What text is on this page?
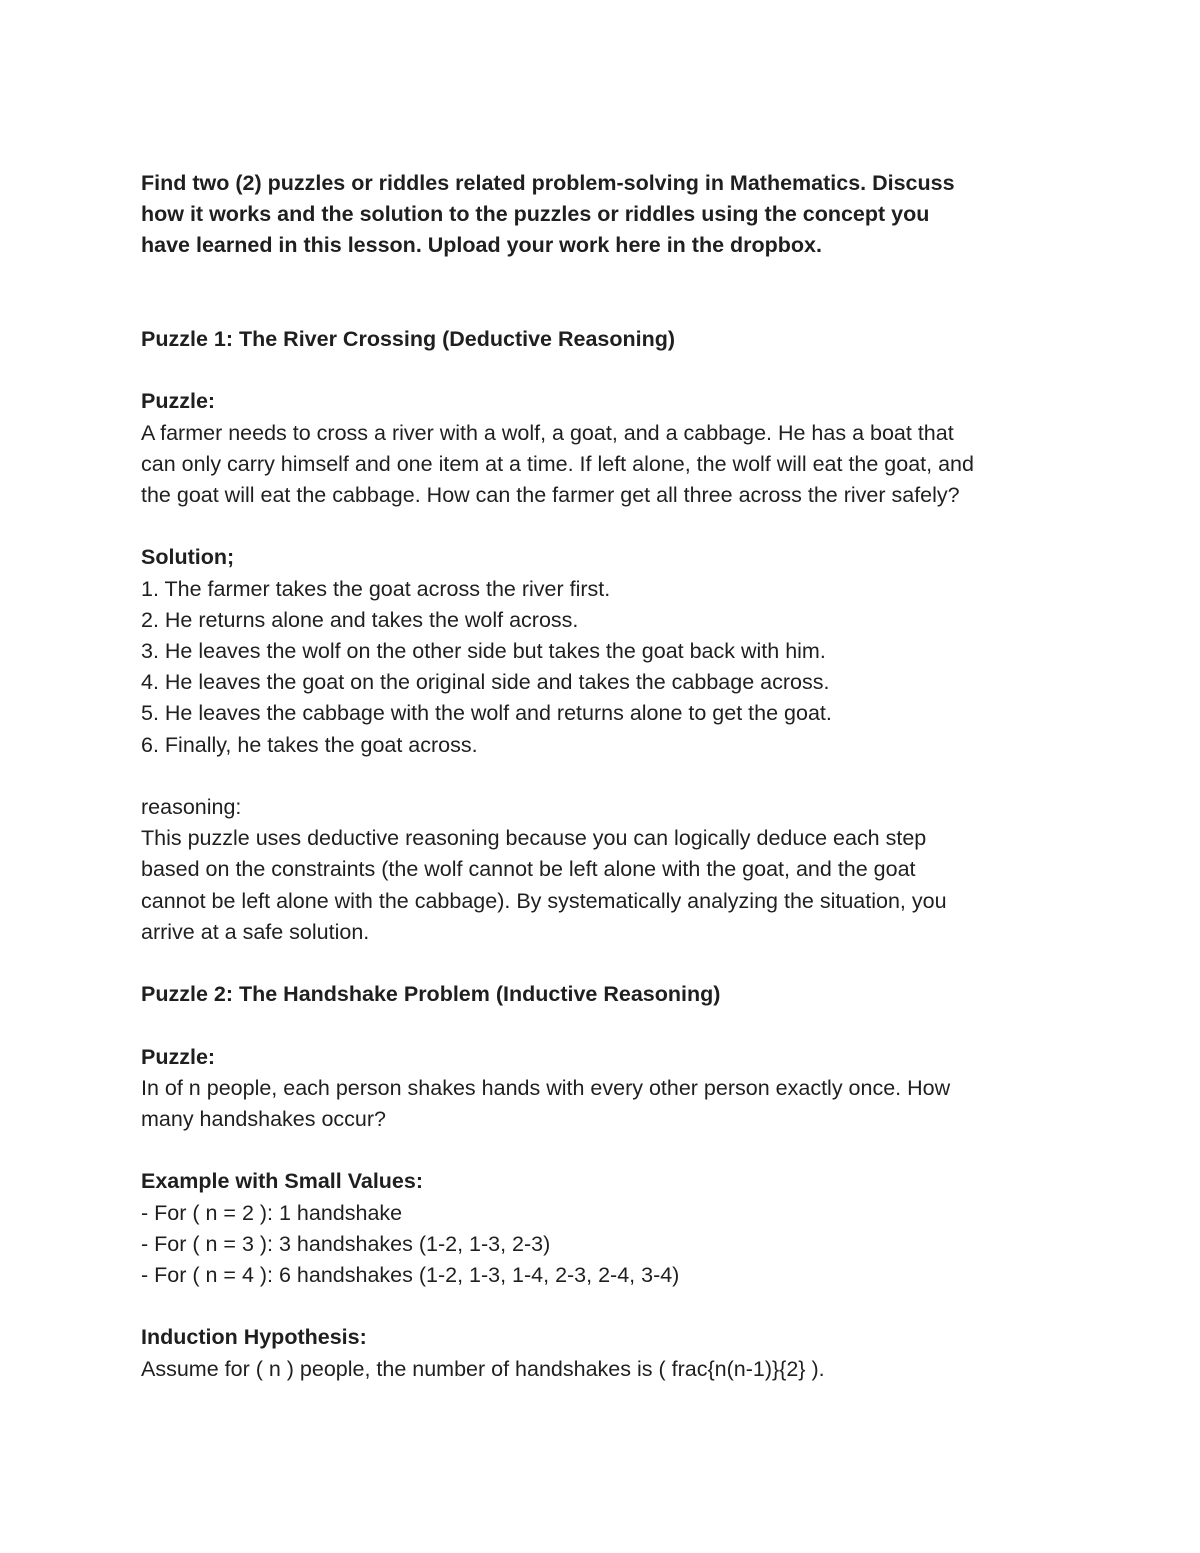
Find two (2) puzzles or riddles related problem-solving in Mathematics. Discuss

how it works and the solution to the puzzles or riddles using the concept you

have learned in this lesson. Upload your work here in the dropbox.

Puzzle 1: The River Crossing (Deductive Reasoning)

Puzzle:

A farmer needs to cross a river with a wolf, a goat, and a cabbage. He has a boat that

can only carry himself and one item at a time. If left alone, the wolf will eat the goat, and

the goat will eat the cabbage. How can the farmer get all three across the river safely?

Solution;

1. The farmer takes the goat across the river first.

2. He returns alone and takes the wolf across.

3. He leaves the wolf on the other side but takes the goat back with him.

4. He leaves the goat on the original side and takes the cabbage across.

5. He leaves the cabbage with the wolf and returns alone to get the goat.

6. Finally, he takes the goat across.

reasoning:

This puzzle uses deductive reasoning because you can logically deduce each step

based on the constraints (the wolf cannot be left alone with the goat, and the goat

cannot be left alone with the cabbage). By systematically analyzing the situation, you

arrive at a safe solution.

Puzzle 2: The Handshake Problem (Inductive Reasoning)

Puzzle:

In of n people, each person shakes hands with every other person exactly once. How

many handshakes occur?

Example with Small Values:

- For ( n = 2 ): 1 handshake

- For ( n = 3 ): 3 handshakes (1-2, 1-3, 2-3)

- For ( n = 4 ): 6 handshakes (1-2, 1-3, 1-4, 2-3, 2-4, 3-4)

Induction Hypothesis:

Assume for ( n ) people, the number of handshakes is ( frac{n(n-1)}{2} ).
